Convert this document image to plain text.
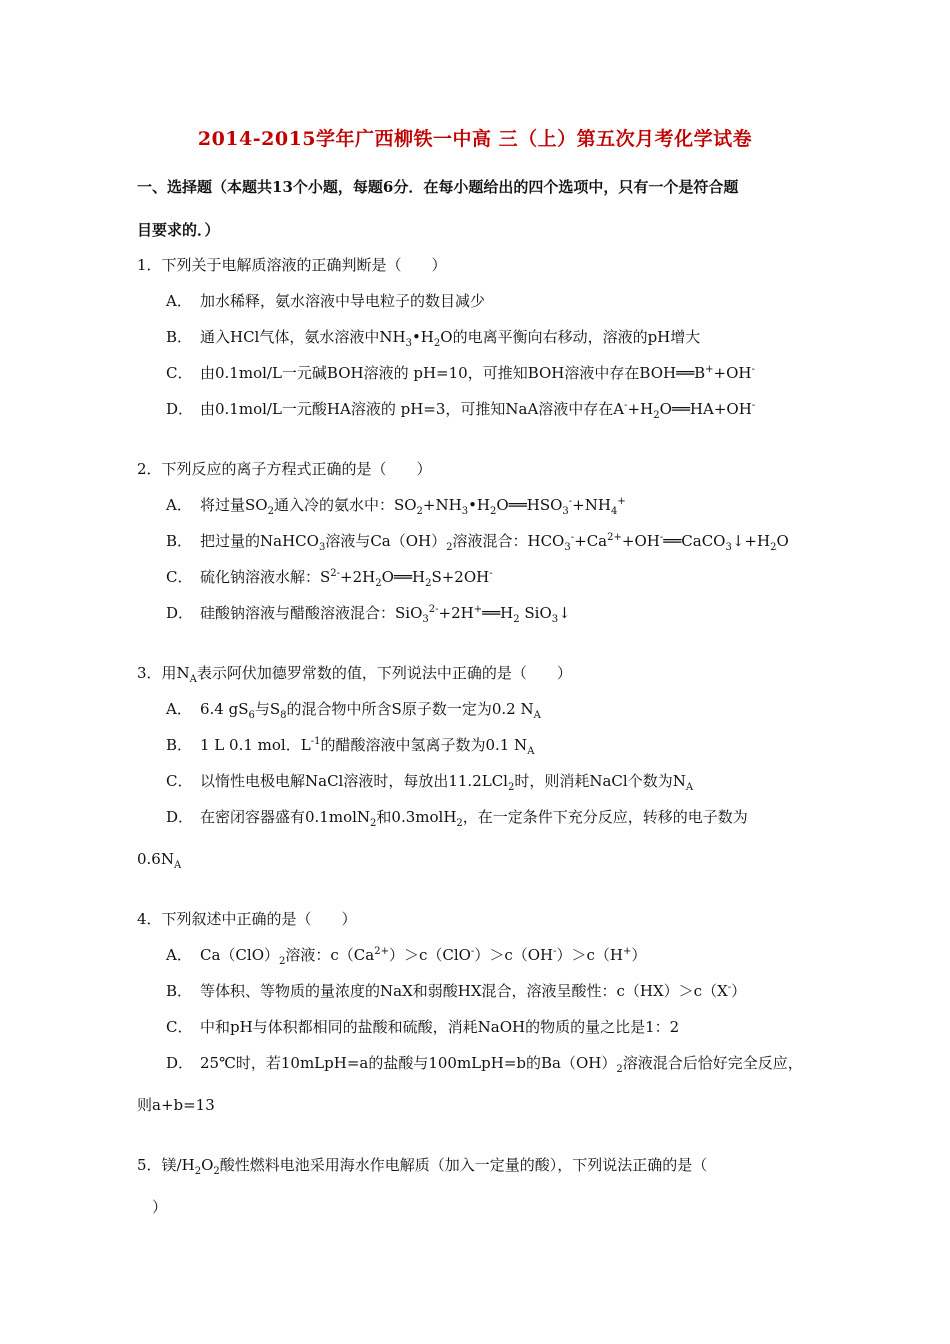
2014-2015学年广西柳铁一中高 三（上）第五次月考化学试卷
一、选择题（本题共13个小题，每题6分．在每小题给出的四个选项中，只有一个是符合题
目要求的．）
1．下列关于电解质溶液的正确判断是（　　）
A． 加水稀释，氨水溶液中导电粒子的数目减少
B． 通入HCl气体，氨水溶液中$NH_3•H_2O$的电离平衡向右移动，溶液的pH增大
C． 由0.1mol/L一元碱BOH溶液的 pH=10，可推知BOH溶液中存在BOH══B++OH-
D． 由0.1mol/L一元酸HA溶液的 pH=3，可推知NaA溶液中存在$A^-+H_2O══HA+OH^-$
2．下列反应的离子方程式正确的是（　　）
A． 将过量$SO_2$通入冷的氨水中：$SO_2+NH_3•H_2O══HSO_3^-+NH_4^+$
B． 把过量的NaHCO$_3$溶液与$Ca(OH)_2$溶液混合：$HCO_3^-+Ca^{2+}+OH^-══CaCO_3↓+H_2O$
C． 硫化钠溶液水解：$S^{2-}+2H_2O══H_2S+2OH^-$
D． 硅酸钠溶液与醋酸溶液混合：$SiO_3^{2-}+2H^+══H_2$ SiO$_3$↓
3．用$N_A$表示阿伏加德罗常数的值，下列说法中正确的是（　　）
A． 6.4 $gS_6$与$S_8$的混合物中所含S原子数一定为0.2 $N_A$
B． 1 L 0.1 mol．$L^{-1}$的醋酸溶液中氢离子数为0.1 $N_A$
C． 以惰性电极电解NaCl溶液时，每放出11.2LCl$_2$时，则消耗NaCl个数为$N_A$
D． 在密闭容器盛有0.1molN$_2$和0.3molH$_2$，在一定条件下充分反应，转移的电子数为
$0.6N_A$
4．下列叙述中正确的是（　　）
A． $Ca(ClO)_2$溶液：$c(Ca^{2+})>c(ClO^-)>c(OH^-)>c(H^+)$
B． 等体积、等物质的量浓度的NaX和弱酸HX混合，溶液呈酸性：c（HX）＞c（X-）
C． 中和pH与体积都相同的盐酸和硫酸，消耗NaOH的物质的量之比是1：2
D． 25℃时，若10mLpH=a的盐酸与100mLpH=b的$Ba(OH)_2$溶液混合后恰好完全反应，
则a+b=13
5．镁$/H_2O_2$酸性燃料电池采用海水作电解质（加入一定量的酸），下列说法正确的是（
　）
